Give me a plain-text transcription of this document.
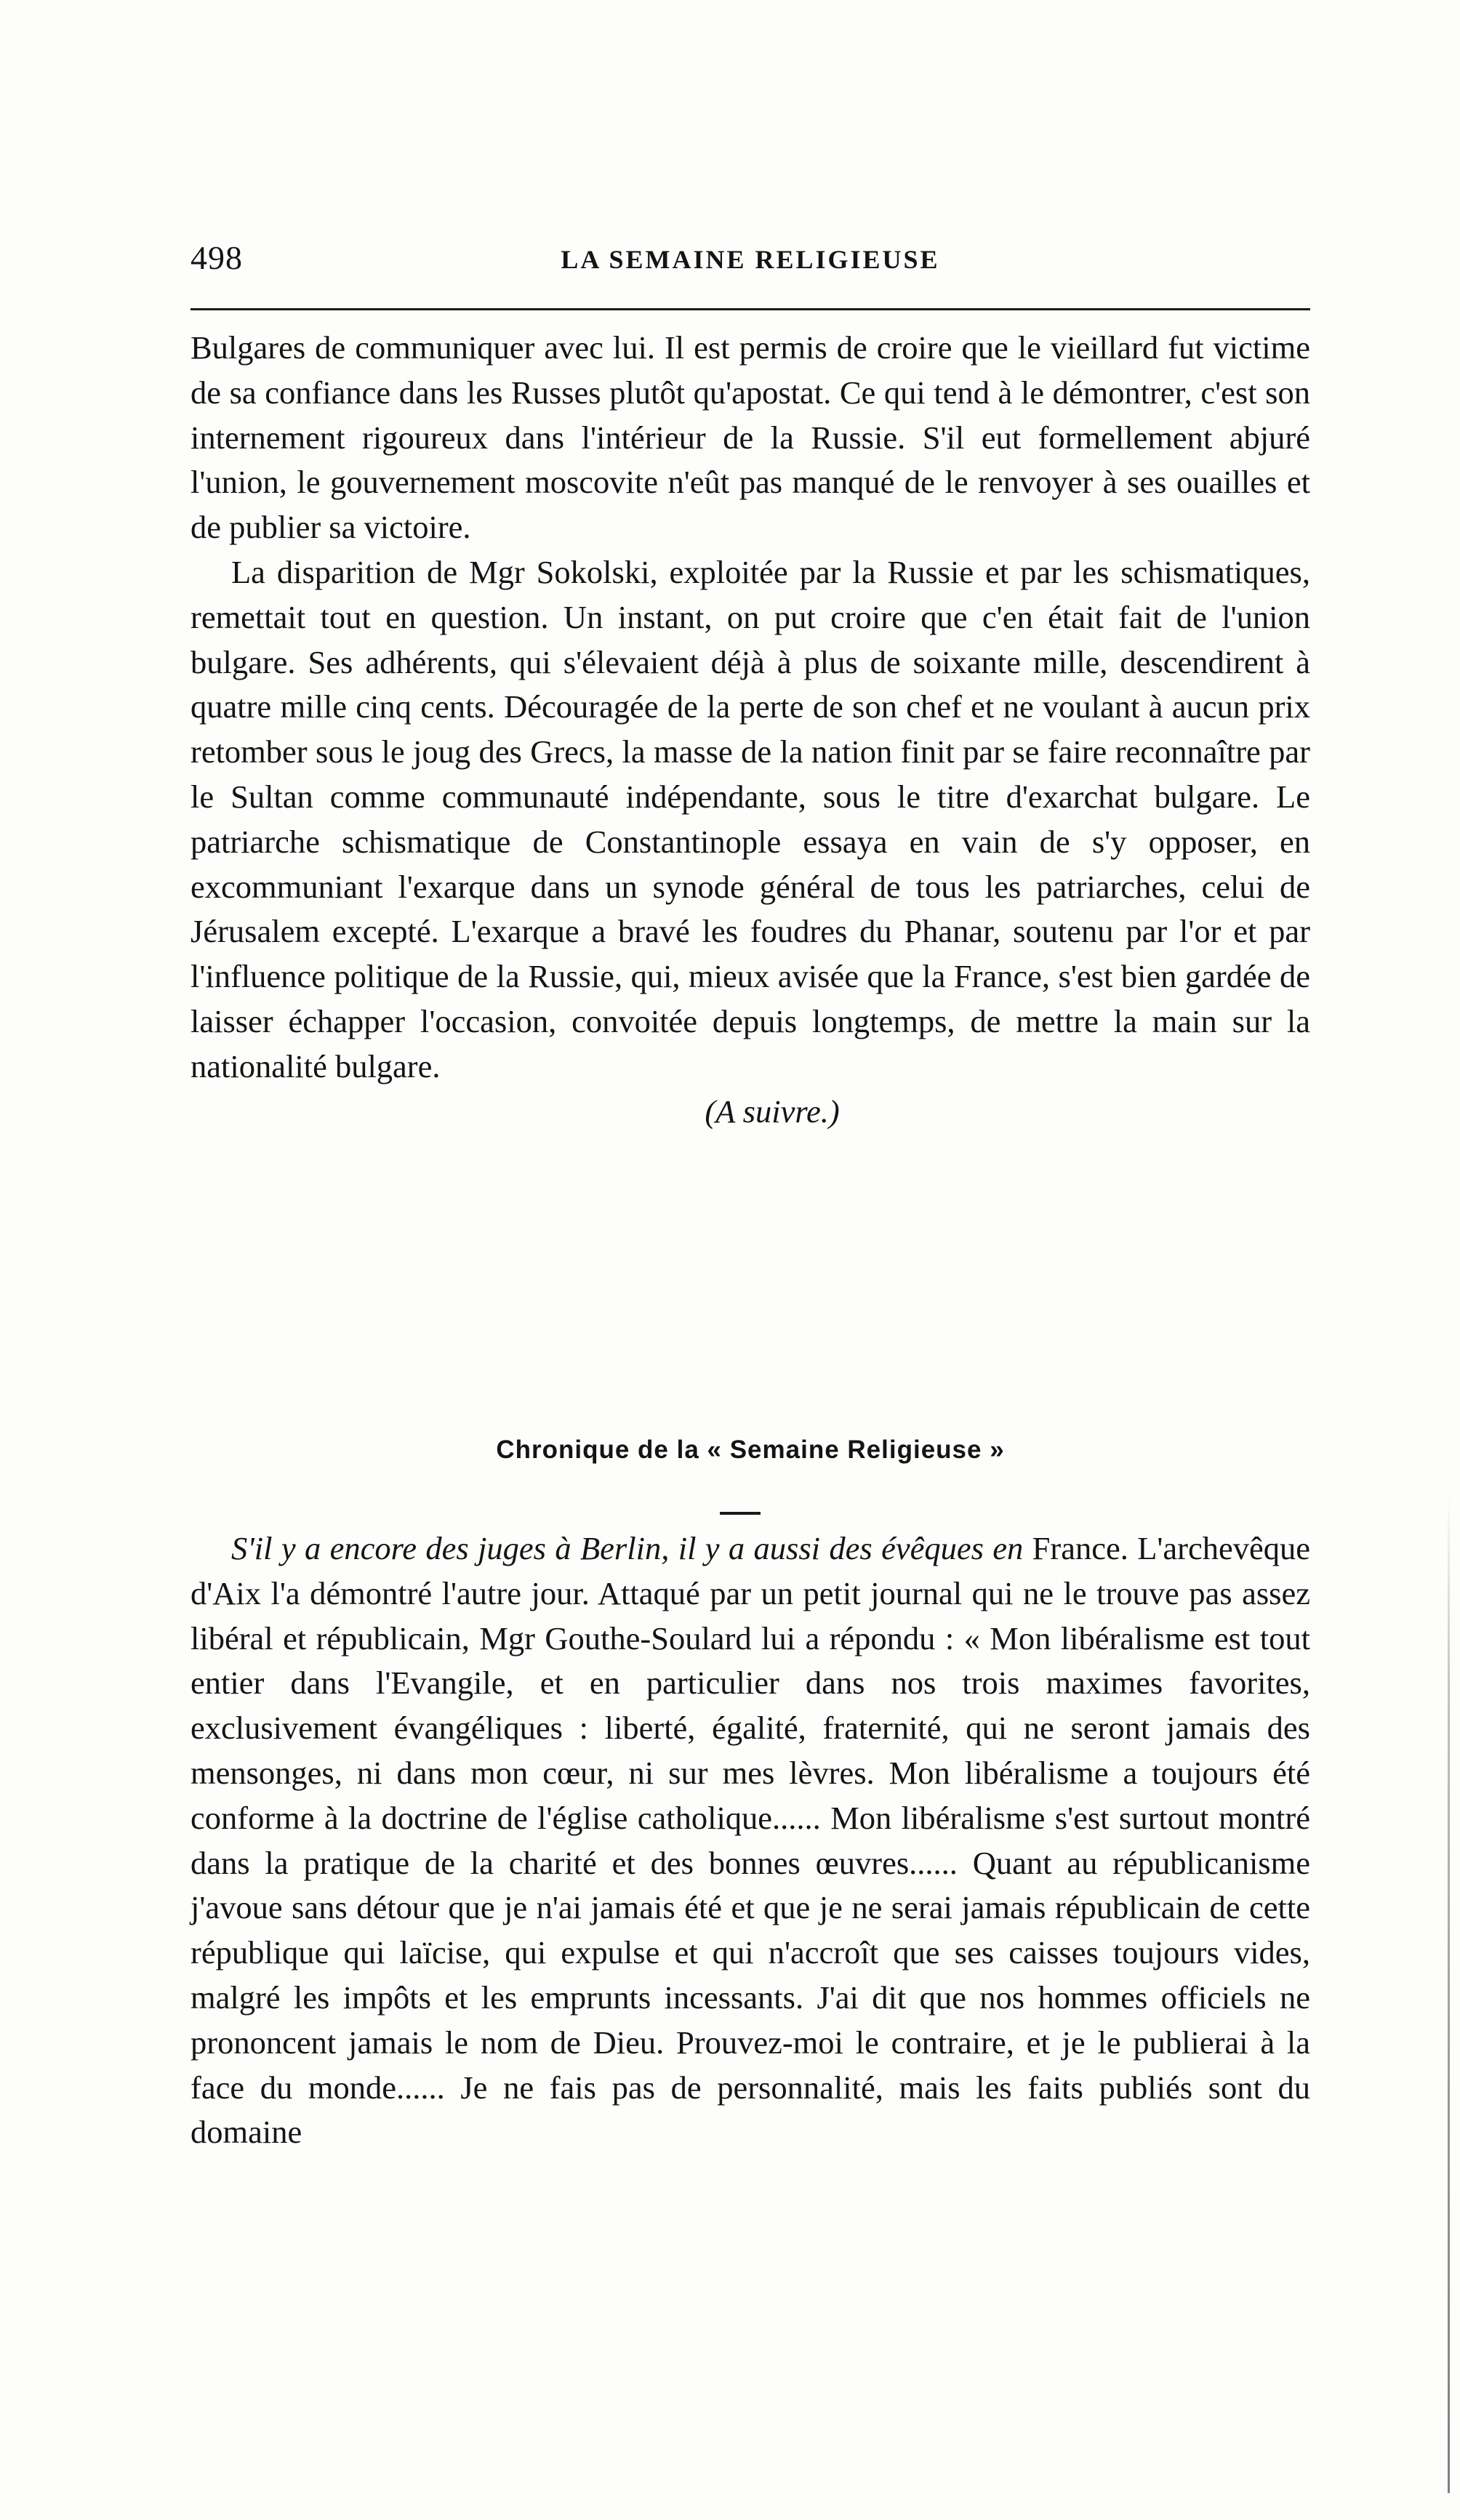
498	LA SEMAINE RELIGIEUSE

Bulgares de communiquer avec lui. Il est permis de croire que le vieillard fut victime de sa confiance dans les Russes plutôt qu'apostat. Ce qui tend à le démontrer, c'est son internement rigoureux dans l'intérieur de la Russie. S'il eut formellement abjuré l'union, le gouvernement moscovite n'eût pas manqué de le renvoyer à ses ouailles et de publier sa victoire.

La disparition de Mgr Sokolski, exploitée par la Russie et par les schismatiques, remettait tout en question. Un instant, on put croire que c'en était fait de l'union bulgare. Ses adhérents, qui s'élevaient déjà à plus de soixante mille, descendirent à quatre mille cinq cents. Découragée de la perte de son chef et ne voulant à aucun prix retomber sous le joug des Grecs, la masse de la nation finit par se faire reconnaître par le Sultan comme communauté indépendante, sous le titre d'exarchat bulgare. Le patriarche schismatique de Constantinople essaya en vain de s'y opposer, en excommuniant l'exarque dans un synode général de tous les patriarches, celui de Jérusalem excepté. L'exarque a bravé les foudres du Phanar, soutenu par l'or et par l'influence politique de la Russie, qui, mieux avisée que la France, s'est bien gardée de laisser échapper l'occasion, convoitée depuis longtemps, de mettre la main sur la nationalité bulgare.

(A suivre.)

Chronique de la « Semaine Religieuse »

S'il y a encore des juges à Berlin, il y a aussi des évêques en France. L'archevêque d'Aix l'a démontré l'autre jour. Attaqué par un petit journal qui ne le trouve pas assez libéral et républicain, Mgr Gouthe-Soulard lui a répondu : « Mon libéralisme est tout entier dans l'Evangile, et en particulier dans nos trois maximes favorites, exclusivement évangéliques : liberté, égalité, fraternité, qui ne seront jamais des mensonges, ni dans mon cœur, ni sur mes lèvres. Mon libéralisme a toujours été conforme à la doctrine de l'église catholique...... Mon libéralisme s'est surtout montré dans la pratique de la charité et des bonnes œuvres...... Quant au républicanisme j'avoue sans détour que je n'ai jamais été et que je ne serai jamais républicain de cette république qui laïcise, qui expulse et qui n'accroît que ses caisses toujours vides, malgré les impôts et les emprunts incessants. J'ai dit que nos hommes officiels ne prononcent jamais le nom de Dieu. Prouvez-moi le contraire, et je le publierai à la face du monde...... Je ne fais pas de personnalité, mais les faits publiés sont du domaine
